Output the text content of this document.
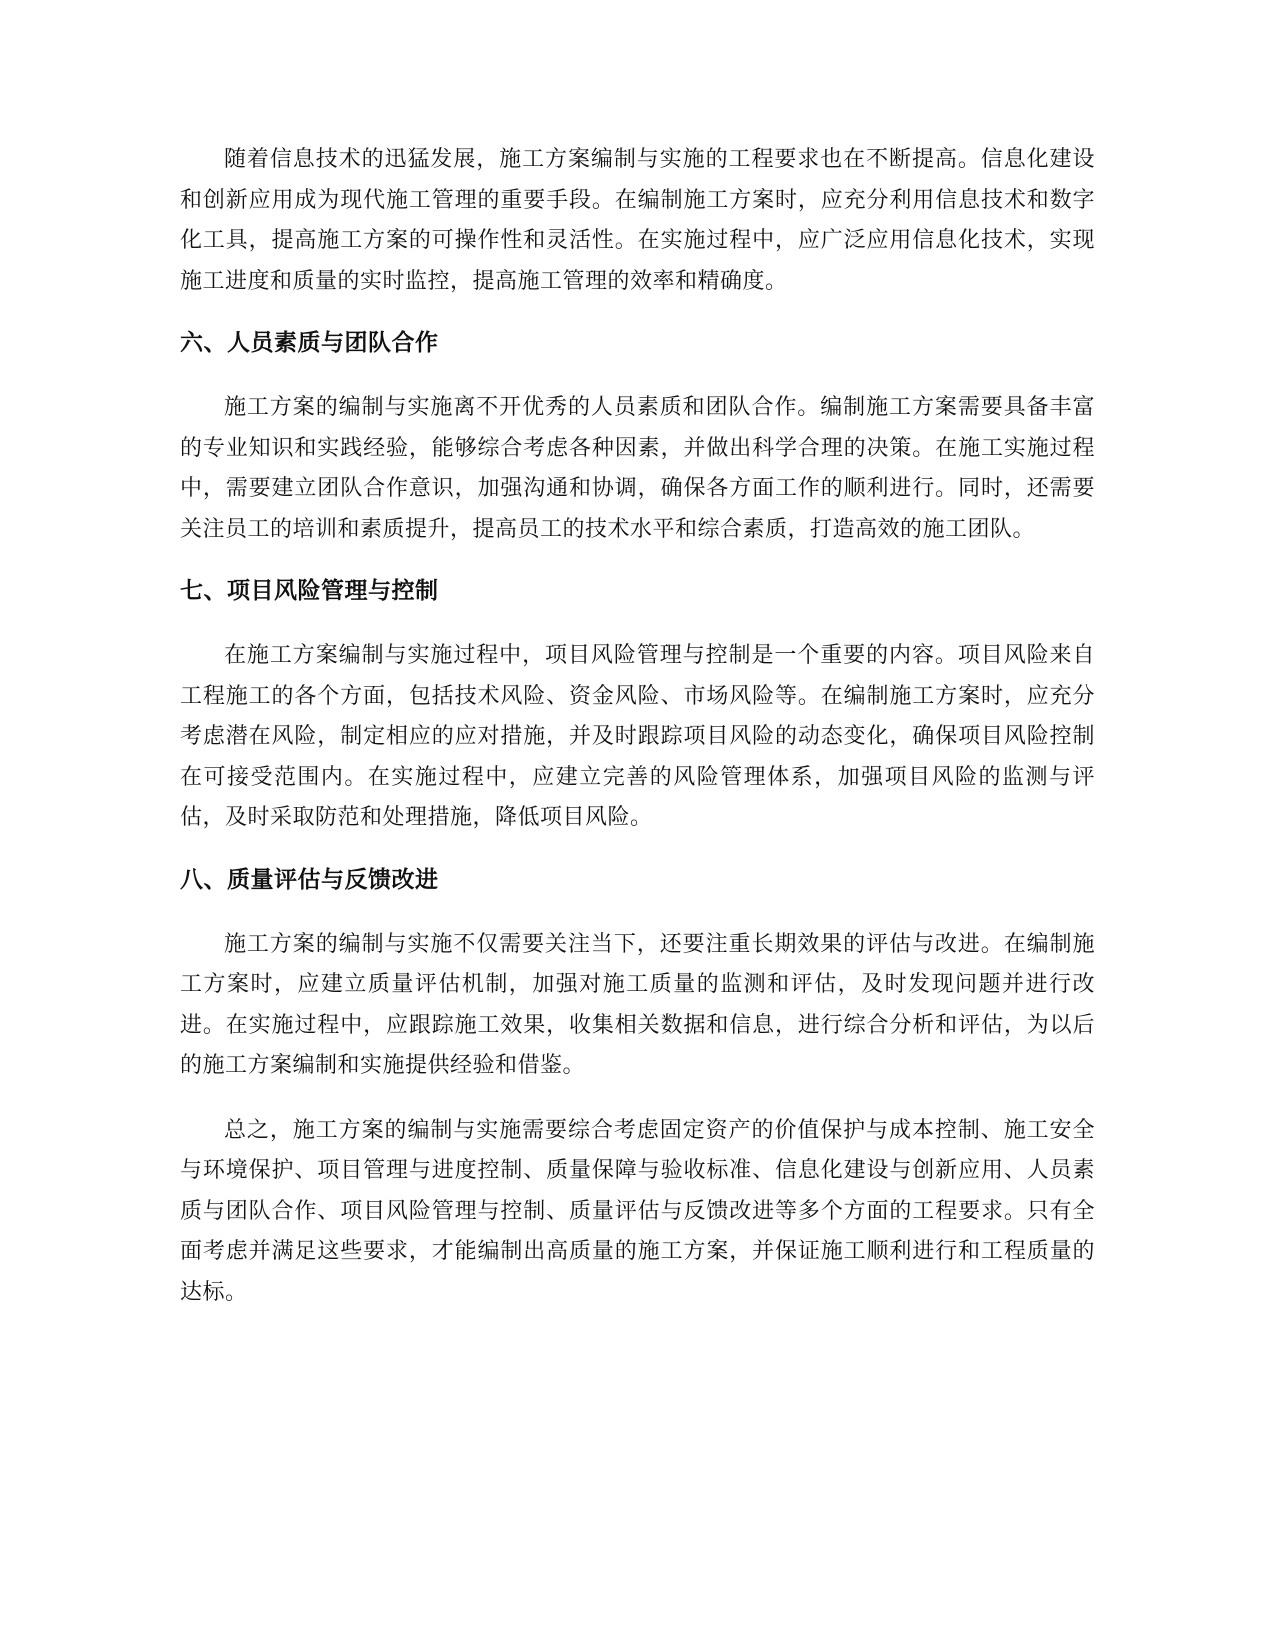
随着信息技术的迅猛发展，施工方案编制与实施的工程要求也在不断提高。信息化建设和创新应用成为现代施工管理的重要手段。在编制施工方案时，应充分利用信息技术和数字化工具，提高施工方案的可操作性和灵活性。在实施过程中，应广泛应用信息化技术，实现施工进度和质量的实时监控，提高施工管理的效率和精确度。

六、人员素质与团队合作

施工方案的编制与实施离不开优秀的人员素质和团队合作。编制施工方案需要具备丰富的专业知识和实践经验，能够综合考虑各种因素，并做出科学合理的决策。在施工实施过程中，需要建立团队合作意识，加强沟通和协调，确保各方面工作的顺利进行。同时，还需要关注员工的培训和素质提升，提高员工的技术水平和综合素质，打造高效的施工团队。

七、项目风险管理与控制

在施工方案编制与实施过程中，项目风险管理与控制是一个重要的内容。项目风险来自工程施工的各个方面，包括技术风险、资金风险、市场风险等。在编制施工方案时，应充分考虑潜在风险，制定相应的应对措施，并及时跟踪项目风险的动态变化，确保项目风险控制在可接受范围内。在实施过程中，应建立完善的风险管理体系，加强项目风险的监测与评估，及时采取防范和处理措施，降低项目风险。

八、质量评估与反馈改进

施工方案的编制与实施不仅需要关注当下，还要注重长期效果的评估与改进。在编制施工方案时，应建立质量评估机制，加强对施工质量的监测和评估，及时发现问题并进行改进。在实施过程中，应跟踪施工效果，收集相关数据和信息，进行综合分析和评估，为以后的施工方案编制和实施提供经验和借鉴。

总之，施工方案的编制与实施需要综合考虑固定资产的价值保护与成本控制、施工安全与环境保护、项目管理与进度控制、质量保障与验收标准、信息化建设与创新应用、人员素质与团队合作、项目风险管理与控制、质量评估与反馈改进等多个方面的工程要求。只有全面考虑并满足这些要求，才能编制出高质量的施工方案，并保证施工顺利进行和工程质量的达标。
